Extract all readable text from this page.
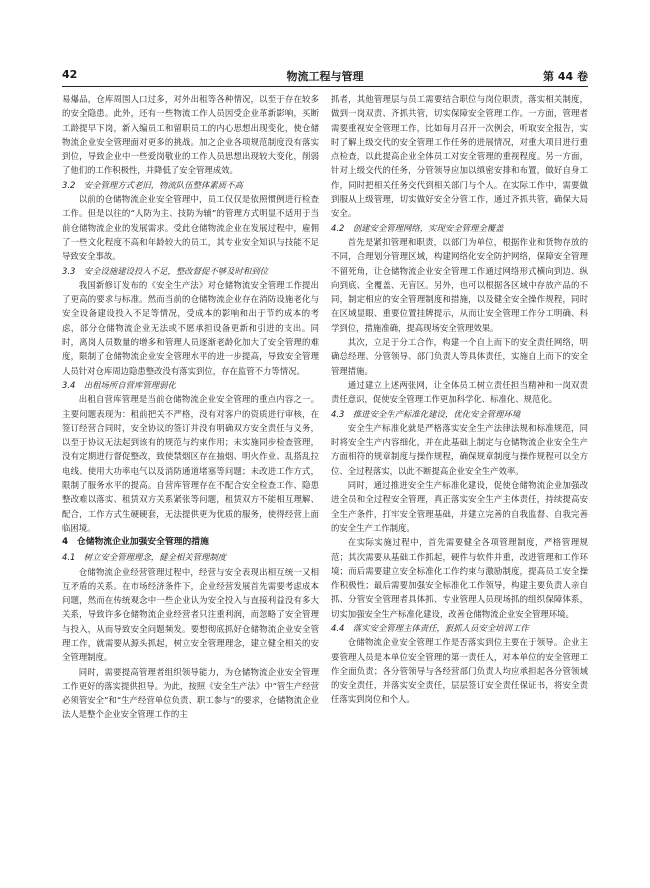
42	物流工程与管理	第 44 卷

易爆品，仓库周围人口过多，对外出租等各种情况，以至于存在较多的安全隐患。此外，还有一些物流工作人员因受企业革新影响，买断工龄提早下岗，新入编员工和留职员工的内心思想出现变化，使仓储物流企业安全管理面对更多的挑战。加之企业各项规范制度没有落实到位，导致企业中一些爱岗敬业的工作人员思想出现较大变化，削弱了他们的工作积极性，并降低了安全管理成效。

3.2　安全管理方式老旧，物流队伍整体素质不高

以前的仓储物流企业安全管理中，员工仅仅是依照惯例进行检查工作。但是以往的“人防为主、技防为辅”的管理方式明显不适用于当前仓储物流企业的发展需求。受此仓储物流企业在发展过程中，雇佣了一些文化程度不高和年龄较大的员工，其专业安全知识与技能不足导致安全事故。

3.3　安全设施建设投入不足，整改督促不够及时和到位

我国新修订发布的《安全生产法》对仓储物流安全管理工作提出了更高的要求与标准。然而当前的仓储物流企业存在消防设施老化与安全设备建设投入不足等情况，受成本的影响和出于节约成本的考虑，部分仓储物流企业无法或不愿承担设备更新和引进的支出。同时，离岗人员数量的增多和管理人员逐渐老龄化加大了安全管理的难度，限制了仓储物流企业安全管理水平的进一步提高，导致安全管理人员针对仓库周边隐患整改没有落实到位，存在监管不力等情况。

3.4　出租场所自营库管理弱化

出租自营库管理是当前仓储物流企业安全管理的重点内容之一。主要问题表现为：租前把关不严格，没有对客户的资质进行审核，在签订经营合同时，安全协议的签订并没有明确双方安全责任与义务，以至于协议无法起到该有的规范与约束作用；未实施同步检查管理，没有定期进行督促整改，致使禁烟区存在抽烟、明火作业、乱搭乱拉电线、使用大功率电气以及消防通道堵塞等问题；未改进工作方式，限制了服务水平的提高。自营库管理存在不配合安全检查工作、隐患整改难以落实、租赁双方关系紧张等问题，租赁双方不能相互理解、配合，工作方式生硬硬套，无法提供更为优质的服务，使得经营上面临困境。

4　仓储物流企业加强安全管理的措施
4.1　树立安全管理理念，健全相关管理制度

仓储物流企业经营管理过程中，经营与安全表现出相互统一又相互矛盾的关系。在市场经济条件下，企业经营发展首先需要考虑成本问题，然而在传统观念中一些企业认为安全投入与直接利益没有多大关系，导致许多仓储物流企业经营者只注重利润，而忽略了安全管理与投入，从而导致安全问题频发。要想彻底抓好仓储物流企业安全管理工作，就需要从源头抓起，树立安全管理理念，建立健全相关的安全管理制度。

同时，需要提高管理者组织领导能力，为仓储物流企业安全管理工作更好的落实提供担导。为此，按照《安全生产法》中“管生产经营必须管安全”和“生产经营单位负责、职工参与”的要求，仓储物流企业法人是整个企业安全管理工作的主

抓者，其他管理层与员工需要结合职位与岗位职责，落实相关制度，做到一岗双责、齐抓共管，切实保障安全管理工作。一方面，管理者需要重视安全管理工作，比如每月召开一次例会，听取安全报告，实时了解上级交代的安全管理工作任务的进展情况，对重大项目进行重点检查，以此提高企业全体员工对安全管理的重视程度。另一方面，针对上级交代的任务，分管领导应加以缜密安排和布置，做好自身工作，同时把相关任务交代到相关部门与个人。在实际工作中，需要做到服从上级管理，切实做好安全分管工作，通过齐抓共管，确保大局安全。

4.2　创建安全管理网络，实现安全管理全覆盖

首先是紧扣管理和职责，以部门为单位，根据作业和货物存放的不同，合理划分管理区域，构建网络化安全防护网络，保障安全管理不留死角，让仓储物流企业安全管理工作通过网络形式横向到边、纵向到底、全覆盖、无盲区。另外，也可以根据各区域中存放产品的不同，制定相应的安全管理制度和措施，以及健全安全操作规程，同时在区域显眼、重要位置挂牌提示，从而让安全管理工作分工明确、科学到位，措施准确，提高现场安全管理效果。

其次，立足于分工合作，构建一个自上而下的安全责任网络，明确总经理、分管领导、部门负责人等具体责任，实施自上而下的安全管理措施。

通过建立上述两张网，让全体员工树立责任担当精神和一岗双责责任意识，促使安全管理工作更加科学化、标准化、规范化。

4.3　推进安全生产标准化建设，优化安全管理环境

安全生产标准化就是严格落实安全生产法律法规和标准规范，同时将安全生产内容细化，并在此基础上制定与仓储物流企业安全生产方面相符的规章制度与操作规程，确保规章制度与操作规程可以全方位、全过程落实，以此不断提高企业安全生产效率。

同时，通过推进安全生产标准化建设，促使仓储物流企业加强改进全员和全过程安全管理，真正落实安全生产主体责任，持续提高安全生产条件，打牢安全管理基础，并建立完善的自我监督、自我完善的安全生产工作制度。

在实际实施过程中，首先需要健全各项管理制度，严格管理规范；其次需要从基础工作抓起，硬件与软件并重，改进管理和工作环境；而后需要建立安全标准化工作约束与激励制度，提高员工安全操作积极性；最后需要加强安全标准化工作领导，构建主要负责人亲自抓、分管安全管理者具体抓、专业管理人员现场抓的组织保障体系，切实加强安全生产标准化建设，改善仓储物流企业安全管理环境。

4.4　落实安全管理主体责任，狠抓人员安全培训工作

仓储物流企业安全管理工作是否落实到位主要在于领导。企业主要管理人员是本单位安全管理的第一责任人，对本单位的安全管理工作全面负责；各分管领导与各经营部门负责人均应承担起各分管领域的安全责任，并落实安全责任，层层签订安全责任保证书，将安全责任落实到岗位和个人。
